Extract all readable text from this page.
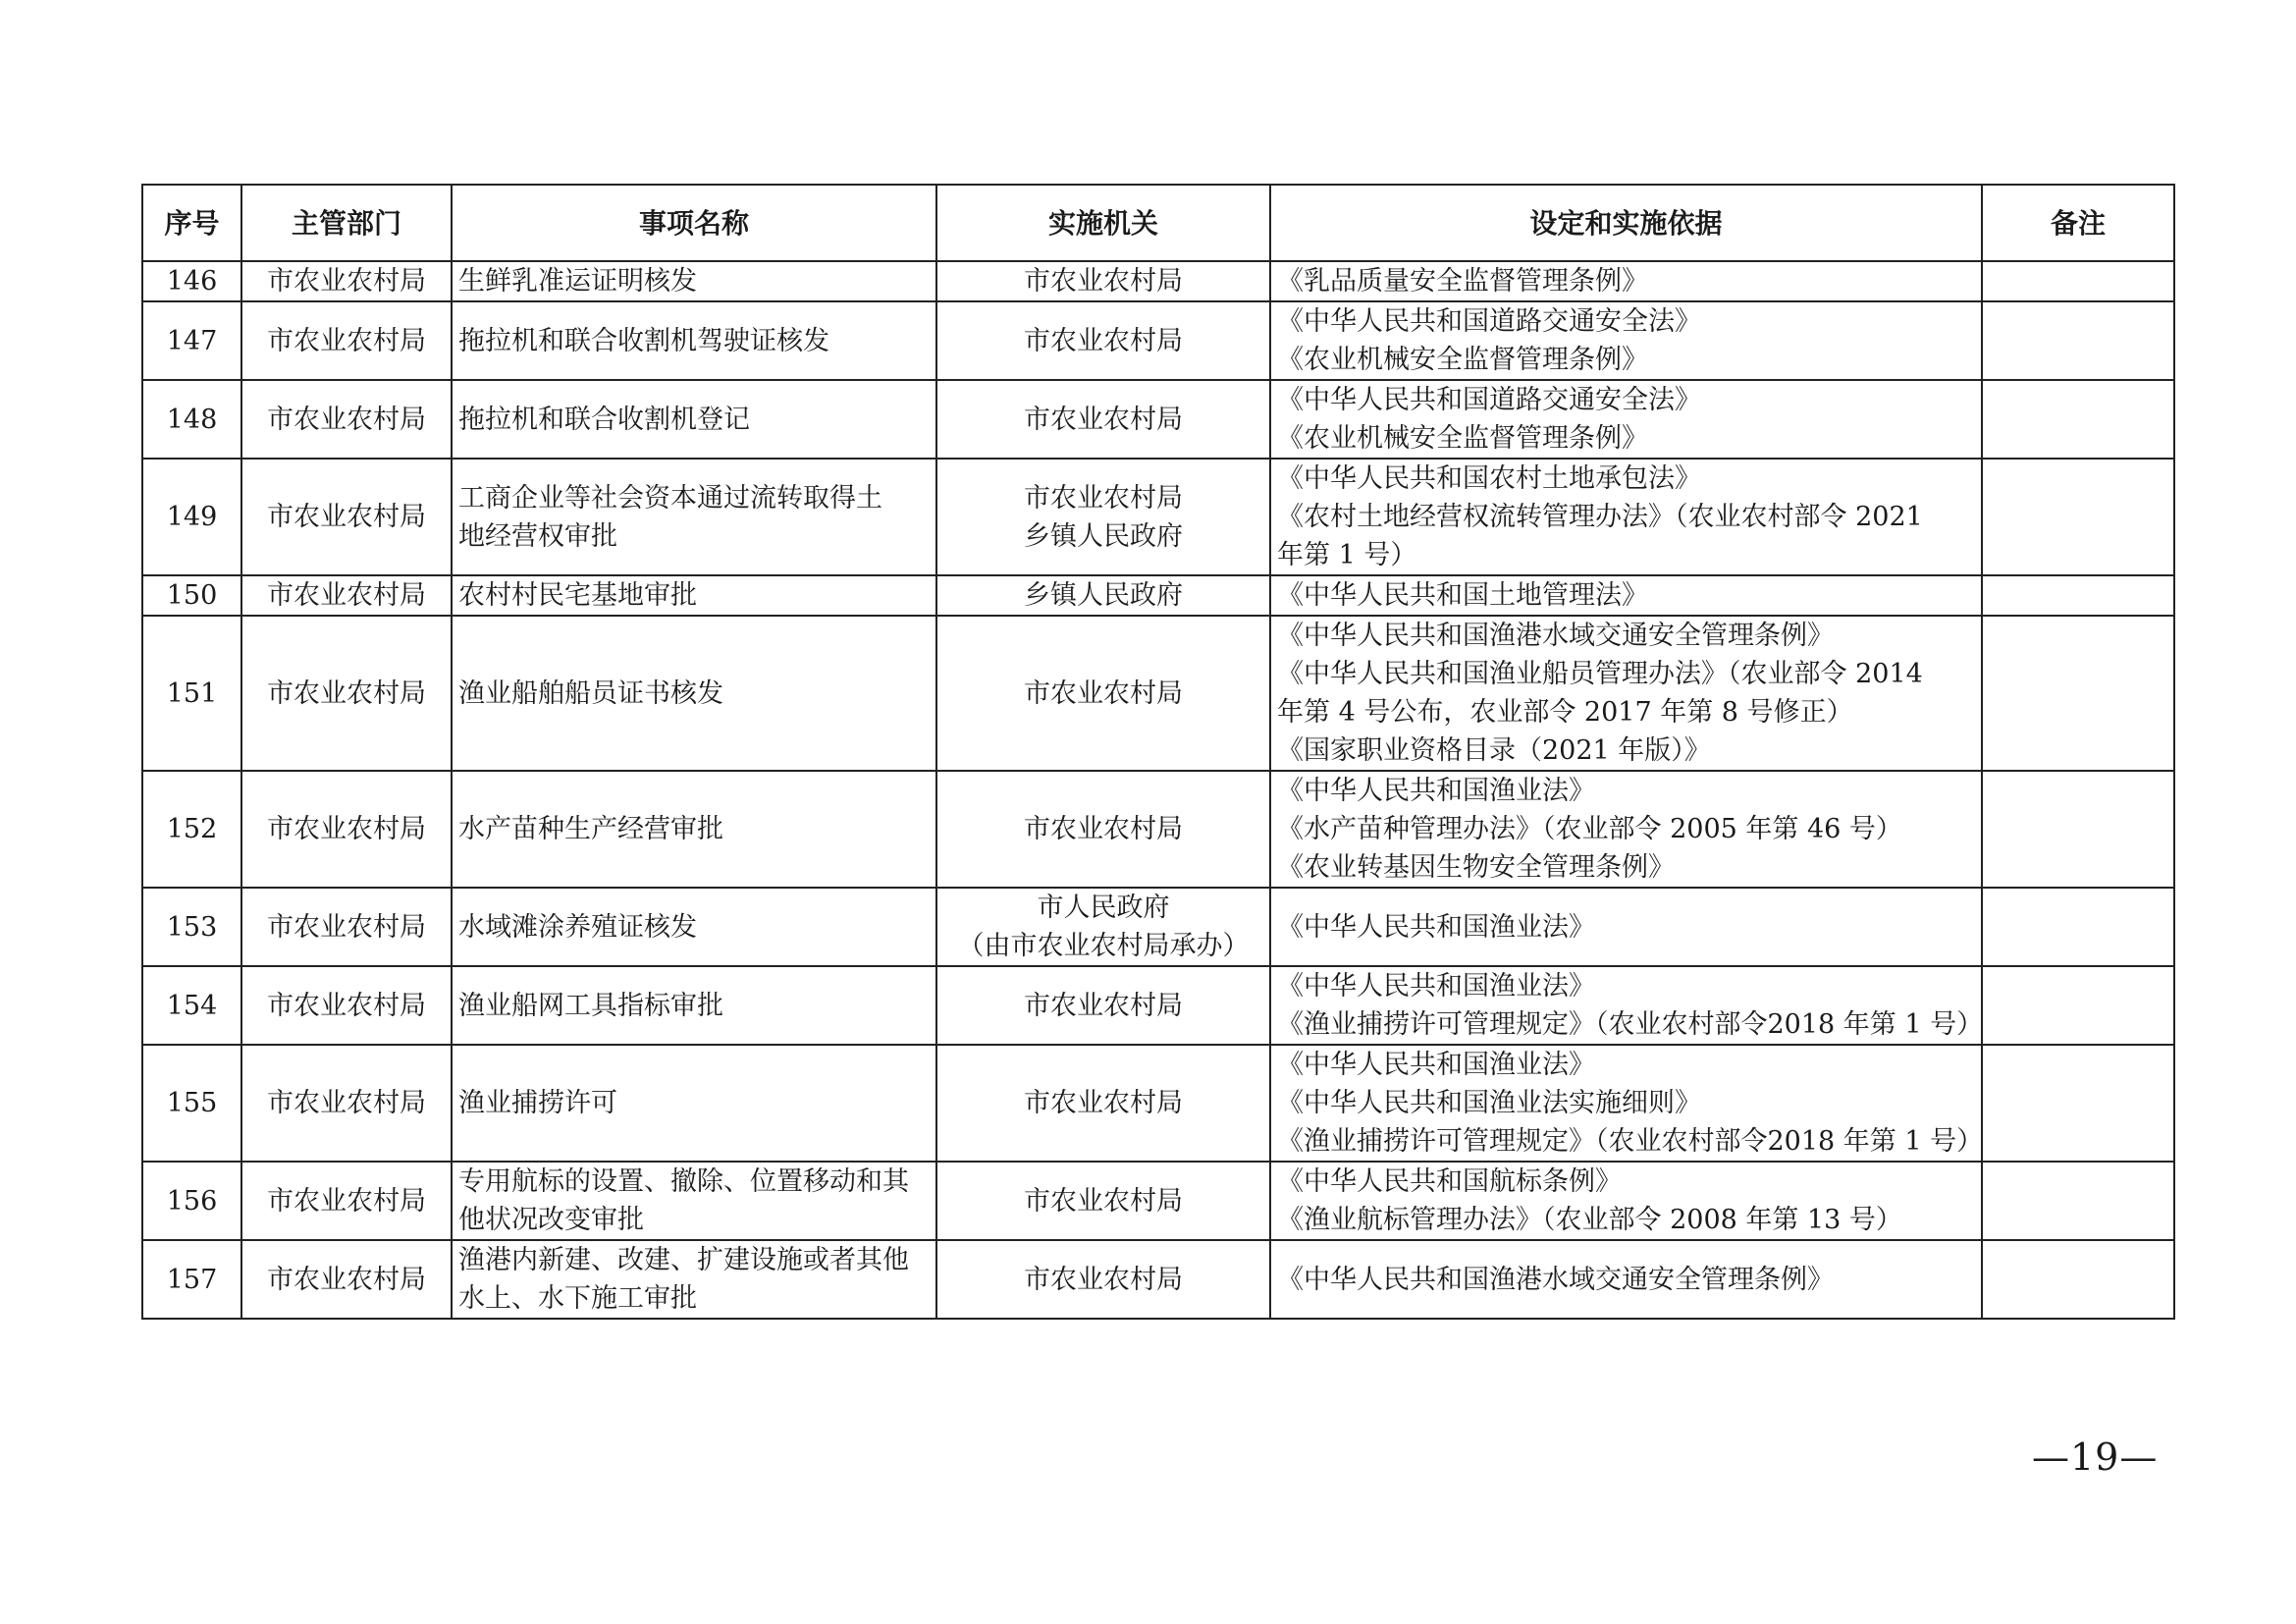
序号	主管部门	事项名称	实施机关	设定和实施依据	备注
146	市农业农村局	生鲜乳准运证明核发	市农业农村局	《乳品质量安全监督管理条例》	

147	市农业农村局	拖拉机和联合收割机驾驶证核发	市农业农村局	《中华人民共和国道路交通安全法》
《农业机械安全监督管理条例》	

148	市农业农村局	拖拉机和联合收割机登记	市农业农村局	《中华人民共和国道路交通安全法》
《农业机械安全监督管理条例》	

149	市农业农村局	工商企业等社会资本通过流转取得土
地经营权审批	市农业农村局
乡镇人民政府	《中华人民共和国农村土地承包法》
《农村土地经营权流转管理办法》（农业农村部令 2021
年第 1 号）	

150	市农业农村局	农村村民宅基地审批	乡镇人民政府	《中华人民共和国土地管理法》	

151	市农业农村局	渔业船舶船员证书核发	市农业农村局	《中华人民共和国渔港水域交通安全管理条例》
《中华人民共和国渔业船员管理办法》（农业部令 2014
年第 4 号公布，农业部令 2017 年第 8 号修正）
《国家职业资格目录（2021 年版）》	

152	市农业农村局	水产苗种生产经营审批	市农业农村局	《中华人民共和国渔业法》
《水产苗种管理办法》（农业部令 2005 年第 46 号）
《农业转基因生物安全管理条例》	

153	市农业农村局	水域滩涂养殖证核发	市人民政府
（由市农业农村局承办）	《中华人民共和国渔业法》	

154	市农业农村局	渔业船网工具指标审批	市农业农村局	《中华人民共和国渔业法》
《渔业捕捞许可管理规定》（农业农村部令2018 年第 1 号）	

155	市农业农村局	渔业捕捞许可	市农业农村局	《中华人民共和国渔业法》
《中华人民共和国渔业法实施细则》
《渔业捕捞许可管理规定》（农业农村部令2018 年第 1 号）	

156	市农业农村局	专用航标的设置、撤除、位置移动和其
他状况改变审批	市农业农村局	《中华人民共和国航标条例》
《渔业航标管理办法》（农业部令 2008 年第 13 号）	

157	市农业农村局	渔港内新建、改建、扩建设施或者其他
水上、水下施工审批	市农业农村局	《中华人民共和国渔港水域交通安全管理条例》	

—19—
